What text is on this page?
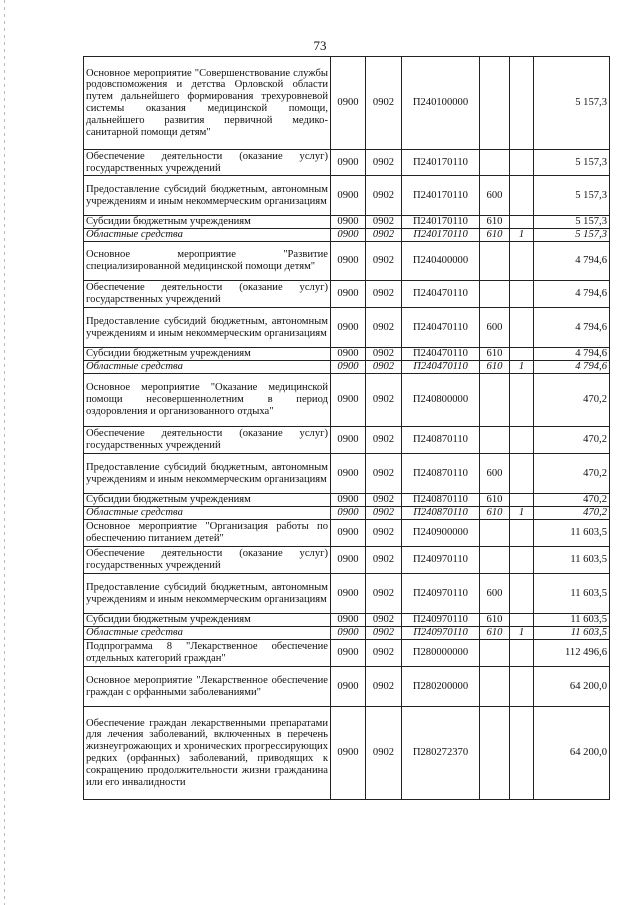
73
Основное мероприятие "Совершенствование службы родовспоможения и детства Орловской области путем дальнейшего формирования трехуровневой системы оказания медицинской помощи, дальнейшего развития первичной медико-санитарной помощи детям"	0900	0902	П240100000			5 157,3
Обеспечение деятельности (оказание услуг) государственных учреждений	0900	0902	П240170110			5 157,3
Предоставление субсидий бюджетным, автономным учреждениям и иным некоммерческим организациям	0900	0902	П240170110	600		5 157,3
Субсидии бюджетным учреждениям	0900	0902	П240170110	610		5 157,3
Областные средства	0900	0902	П240170110	610	1	5 157,3
Основное мероприятие "Развитие специализированной медицинской помощи детям"	0900	0902	П240400000			4 794,6
Обеспечение деятельности (оказание услуг) государственных учреждений	0900	0902	П240470110			4 794,6
Предоставление субсидий бюджетным, автономным учреждениям и иным некоммерческим организациям	0900	0902	П240470110	600		4 794,6
Субсидии бюджетным учреждениям	0900	0902	П240470110	610		4 794,6
Областные средства	0900	0902	П240470110	610	1	4 794,6
Основное мероприятие "Оказание медицинской помощи несовершеннолетним в период оздоровления и организованного отдыха"	0900	0902	П240800000			470,2
Обеспечение деятельности (оказание услуг) государственных учреждений	0900	0902	П240870110			470,2
Предоставление субсидий бюджетным, автономным учреждениям и иным некоммерческим организациям	0900	0902	П240870110	600		470,2
Субсидии бюджетным учреждениям	0900	0902	П240870110	610		470,2
Областные средства	0900	0902	П240870110	610	1	470,2
Основное мероприятие "Организация работы по обеспечению питанием детей"	0900	0902	П240900000			11 603,5
Обеспечение деятельности (оказание услуг) государственных учреждений	0900	0902	П240970110			11 603,5
Предоставление субсидий бюджетным, автономным учреждениям и иным некоммерческим организациям	0900	0902	П240970110	600		11 603,5
Субсидии бюджетным учреждениям	0900	0902	П240970110	610		11 603,5
Областные средства	0900	0902	П240970110	610	1	11 603,5
Подпрограмма 8 "Лекарственное обеспечение отдельных категорий граждан"	0900	0902	П280000000			112 496,6
Основное мероприятие "Лекарственное обеспечение граждан с орфанными заболеваниями"	0900	0902	П280200000			64 200,0
Обеспечение граждан лекарственными препаратами для лечения заболеваний, включенных в перечень жизнеугрожающих и хронических прогрессирующих редких (орфанных) заболеваний, приводящих к сокращению продолжительности жизни гражданина или его инвалидности	0900	0902	П280272370			64 200,0
